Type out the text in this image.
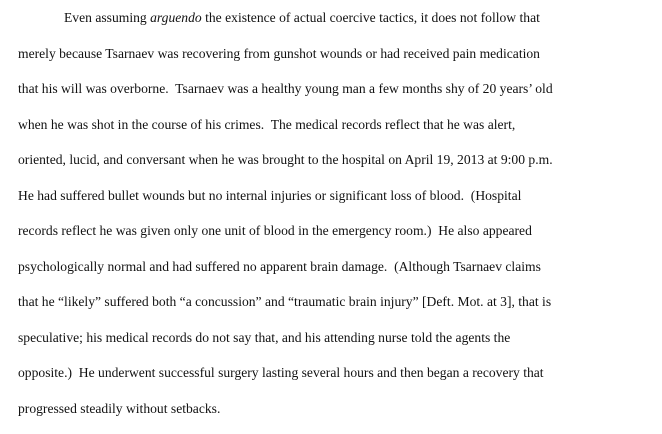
Even assuming arguendo the existence of actual coercive tactics, it does not follow that
merely because Tsarnaev was recovering from gunshot wounds or had received pain medication
that his will was overborne.  Tsarnaev was a healthy young man a few months shy of 20 years’ old
when he was shot in the course of his crimes.  The medical records reflect that he was alert,
oriented, lucid, and conversant when he was brought to the hospital on April 19, 2013 at 9:00 p.m.
He had suffered bullet wounds but no internal injuries or significant loss of blood.  (Hospital
records reflect he was given only one unit of blood in the emergency room.)  He also appeared
psychologically normal and had suffered no apparent brain damage.  (Although Tsarnaev claims
that he “likely” suffered both “a concussion” and “traumatic brain injury” [Deft. Mot. at 3], that is
speculative; his medical records do not say that, and his attending nurse told the agents the
opposite.)  He underwent successful surgery lasting several hours and then began a recovery that
progressed steadily without setbacks.
